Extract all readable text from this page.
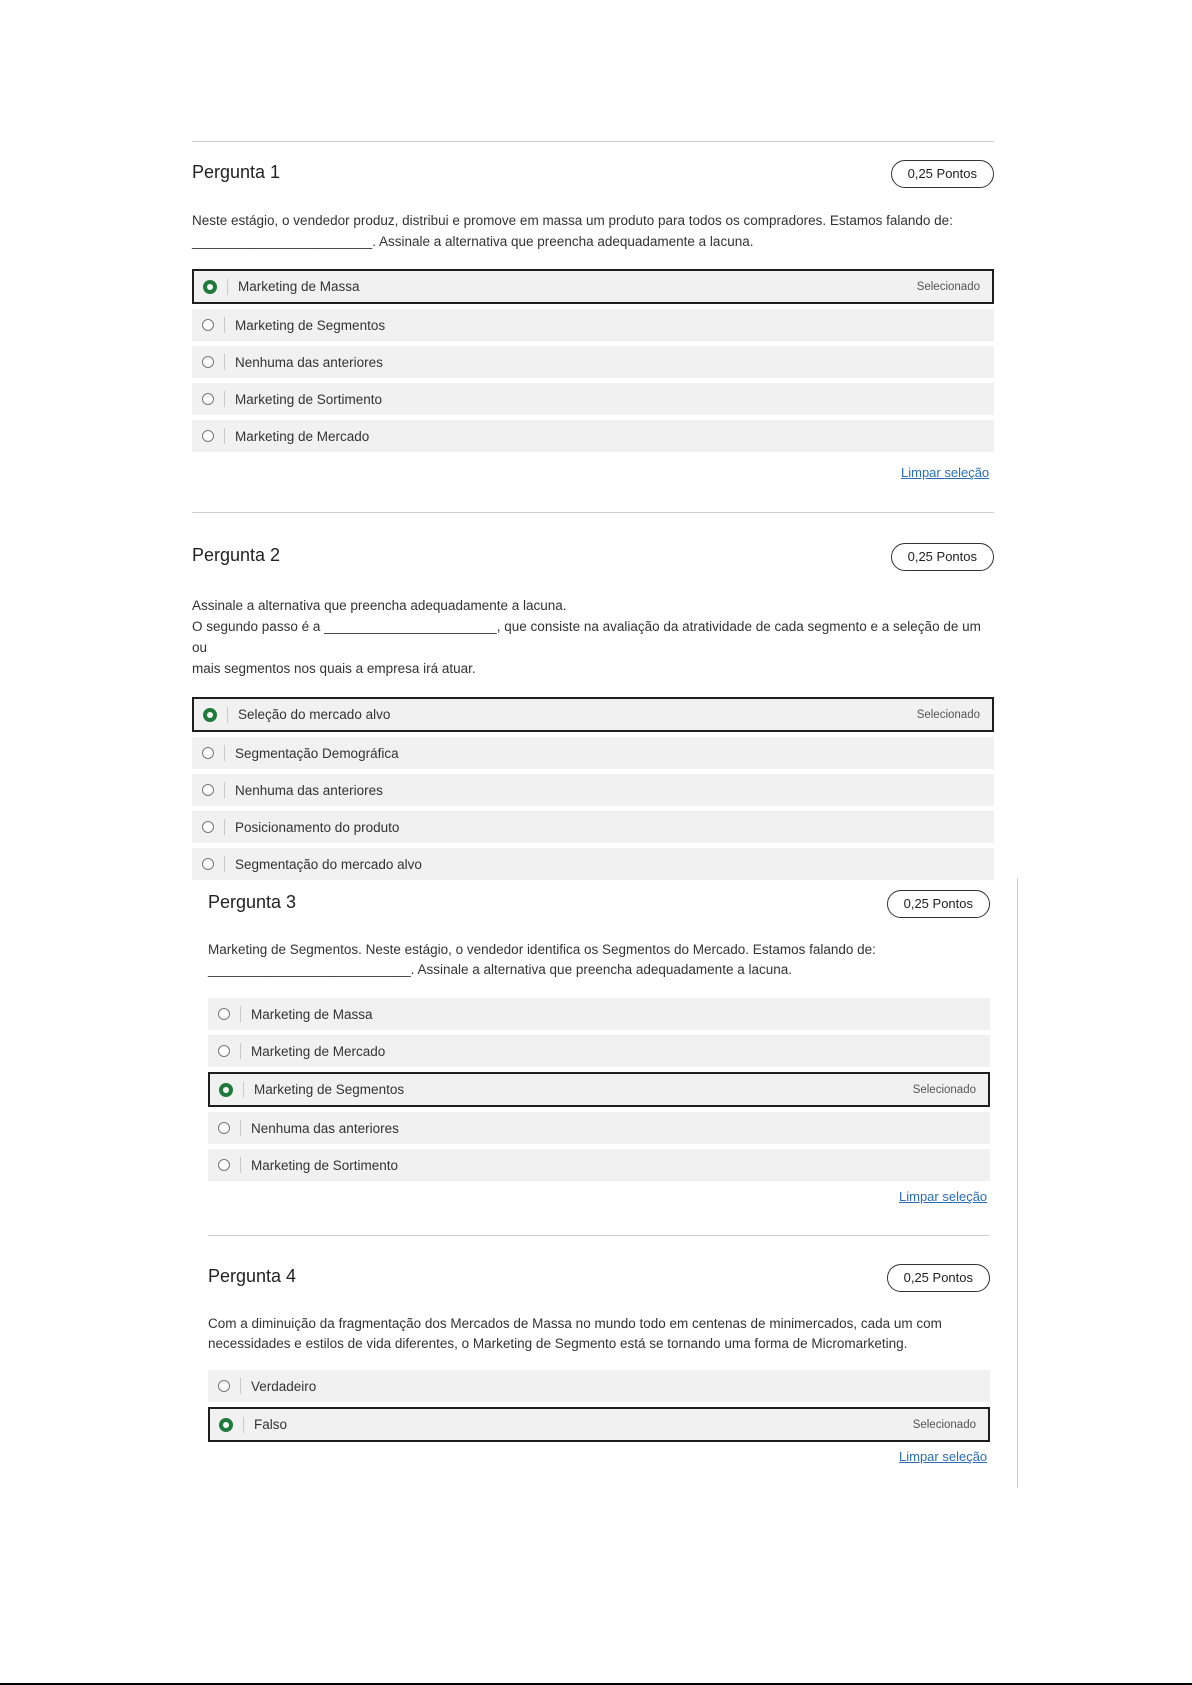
Pergunta 1	0,25 Pontos
Neste estágio, o vendedor produz, distribui e promove em massa um produto para todos os compradores. Estamos falando de:
________________________. Assinale a alternativa que preencha adequadamente a lacuna.
Marketing de Massa	Selecionado
Marketing de Segmentos
Nenhuma das anteriores
Marketing de Sortimento
Marketing de Mercado
Limpar seleção
Pergunta 2	0,25 Pontos
Assinale a alternativa que preencha adequadamente a lacuna.
O segundo passo é a _______________________, que consiste na avaliação da atratividade de cada segmento e a seleção de um ou
mais segmentos nos quais a empresa irá atuar.
Seleção do mercado alvo	Selecionado
Segmentação Demográfica
Nenhuma das anteriores
Posicionamento do produto
Segmentação do mercado alvo
Pergunta 3	0,25 Pontos
Marketing de Segmentos. Neste estágio, o vendedor identifica os Segmentos do Mercado. Estamos falando de:
___________________________. Assinale a alternativa que preencha adequadamente a lacuna.
Marketing de Massa
Marketing de Mercado
Marketing de Segmentos	Selecionado
Nenhuma das anteriores
Marketing de Sortimento
Limpar seleção
Pergunta 4	0,25 Pontos
Com a diminuição da fragmentação dos Mercados de Massa no mundo todo em centenas de minimercados, cada um com
necessidades e estilos de vida diferentes, o Marketing de Segmento está se tornando uma forma de Micromarketing.
Verdadeiro
Falso	Selecionado
Limpar seleção
